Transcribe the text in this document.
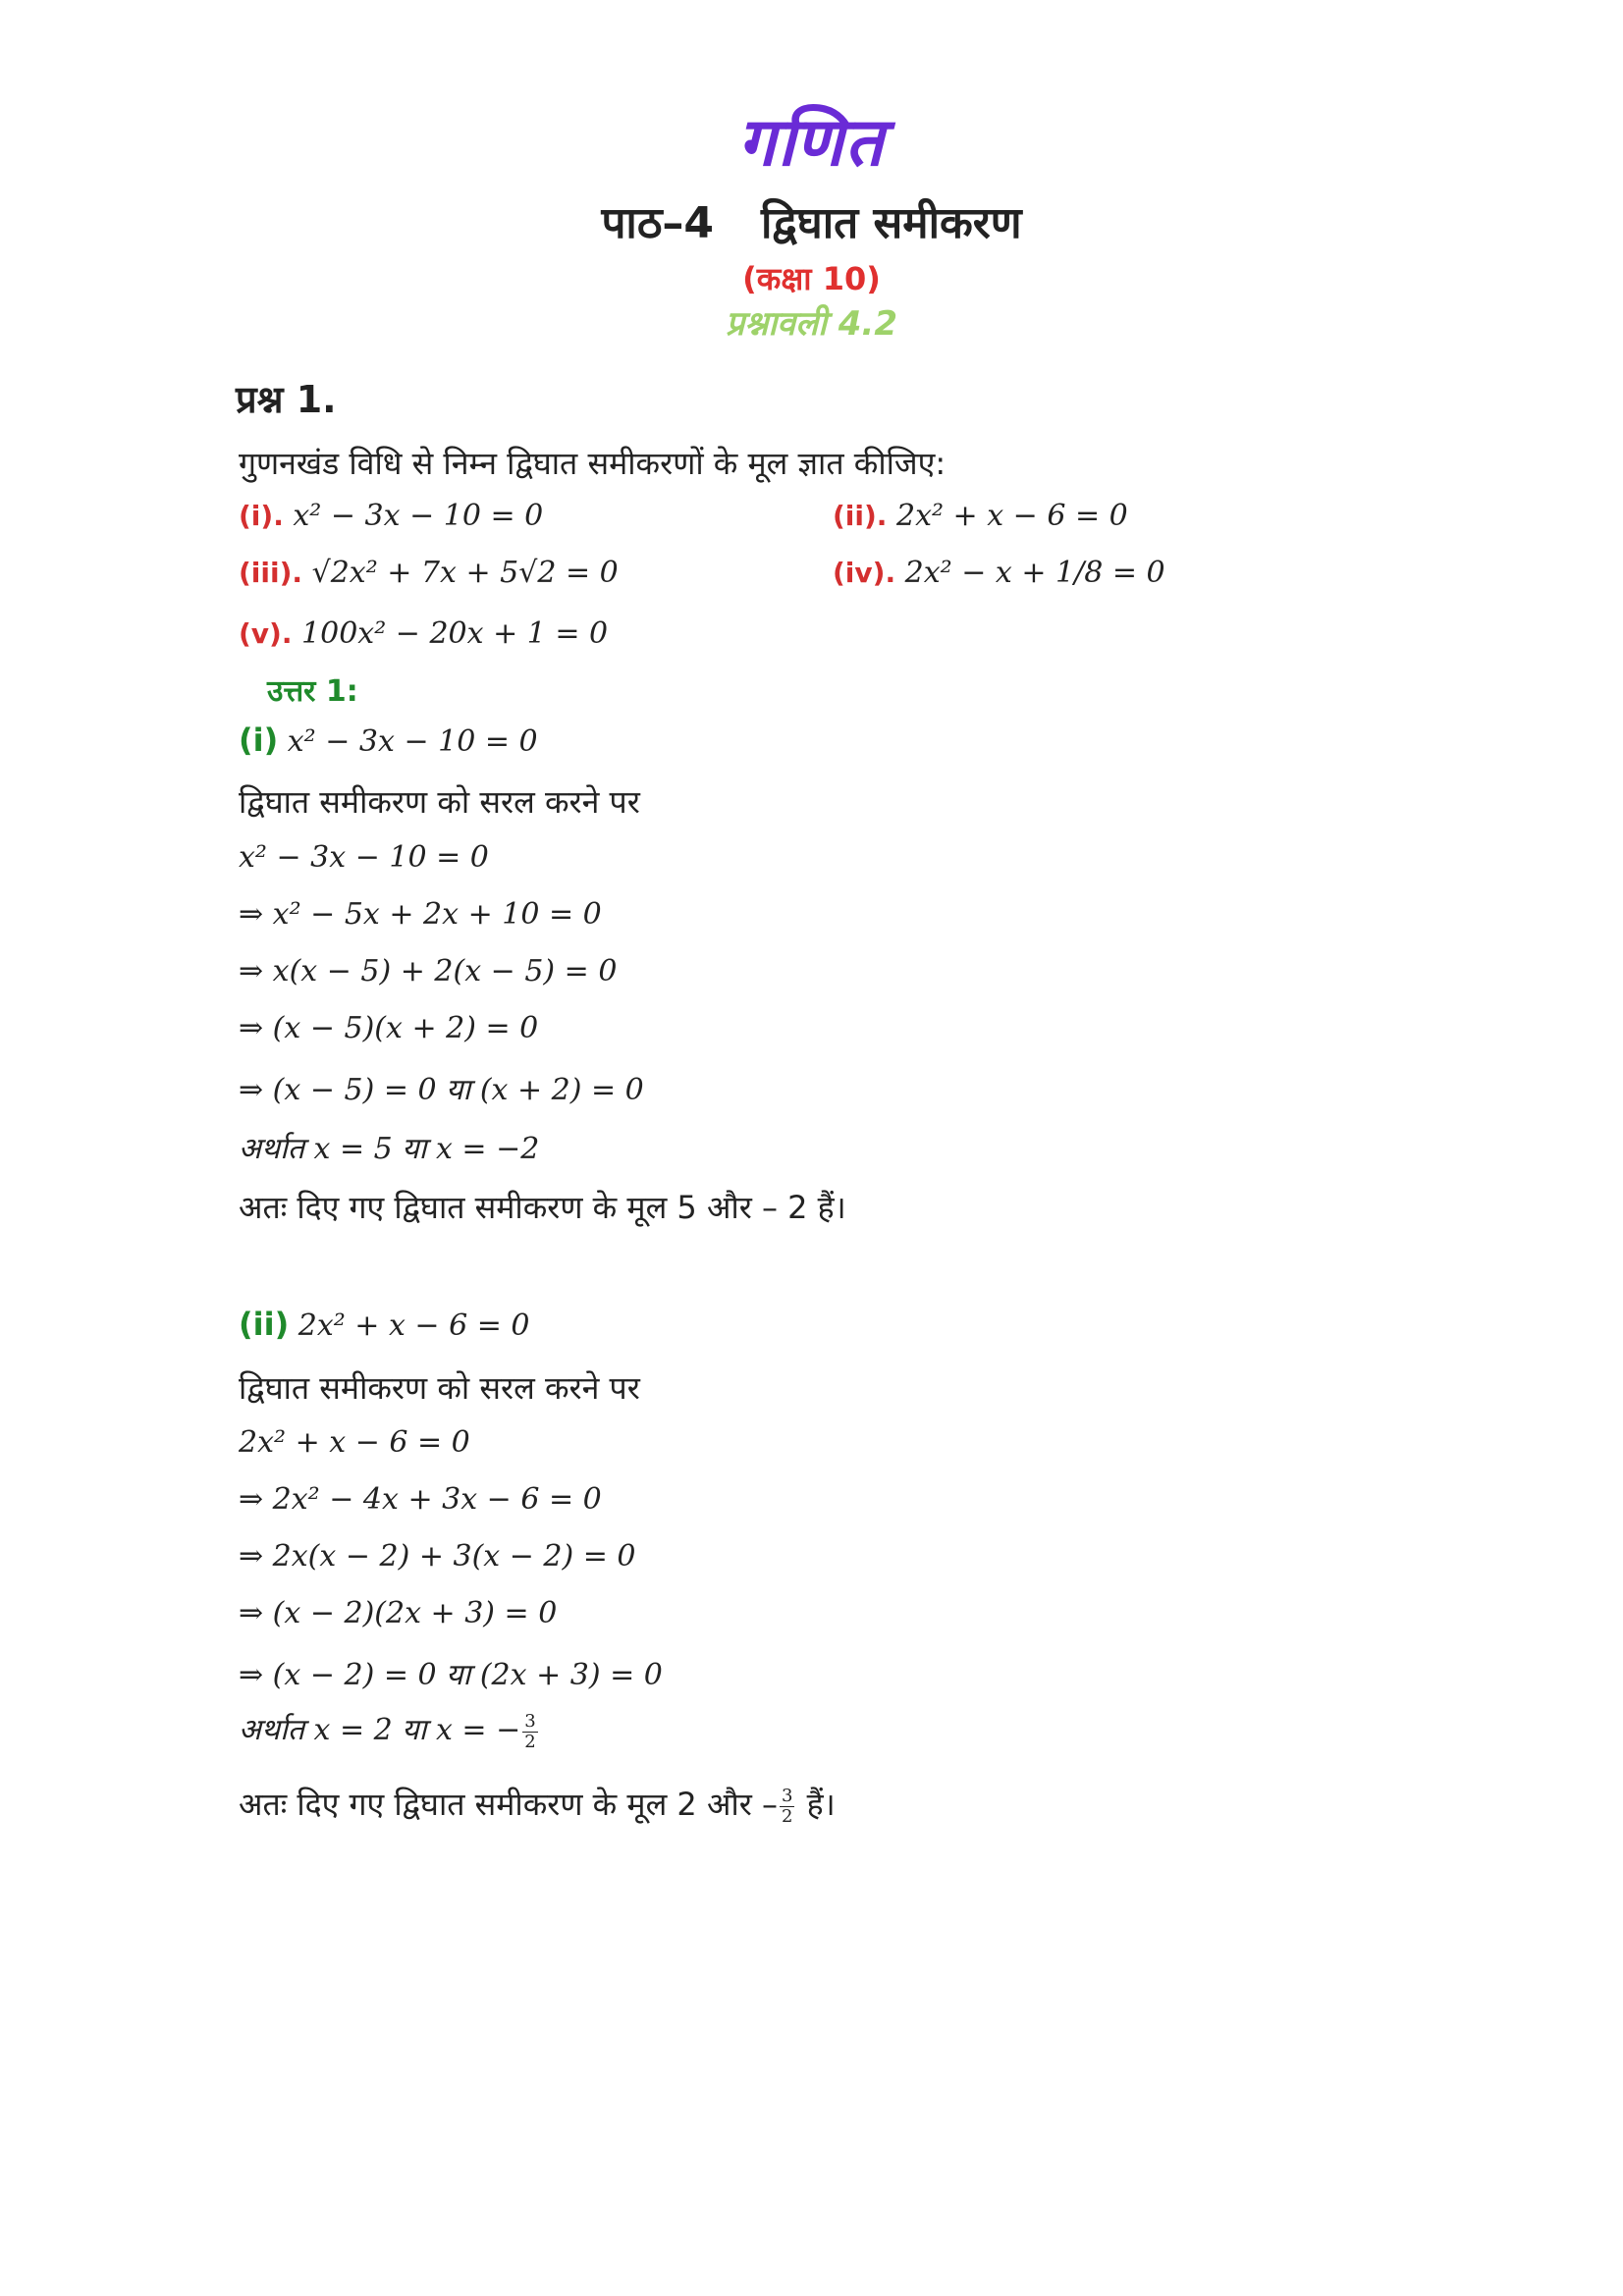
गणित
पाठ–4 द्विघात समीकरण
(कक्षा 10)
प्रश्नावली 4.2
प्रश्न 1.
गुणनखंड विधि से निम्न द्विघात समीकरणों के मूल ज्ञात कीजिए:
(i). x² − 3x − 10 = 0	(ii). 2x² + x − 6 = 0
(iii). √2x² + 7x + 5√2 = 0	(iv). 2x² − x + 1/8 = 0
(v). 100x² − 20x + 1 = 0
उत्तर 1:
(i) x² − 3x − 10 = 0
द्विघात समीकरण को सरल करने पर
x² − 3x − 10 = 0
⇒ x² − 5x + 2x + 10 = 0
⇒ x(x − 5) + 2(x − 5) = 0
⇒ (x − 5)(x + 2) = 0
⇒ (x − 5) = 0 या (x + 2) = 0
अर्थात x = 5 या x = −2
अतः दिए गए द्विघात समीकरण के मूल 5 और – 2 हैं।
(ii) 2x² + x − 6 = 0
द्विघात समीकरण को सरल करने पर
2x² + x − 6 = 0
⇒ 2x² − 4x + 3x − 6 = 0
⇒ 2x(x − 2) + 3(x − 2) = 0
⇒ (x − 2)(2x + 3) = 0
⇒ (x − 2) = 0 या (2x + 3) = 0
अर्थात x = 2 या x = − $\frac{3}{2}$
अतः दिए गए द्विघात समीकरण के मूल 2 और – $\frac{3}{2}$ हैं।
